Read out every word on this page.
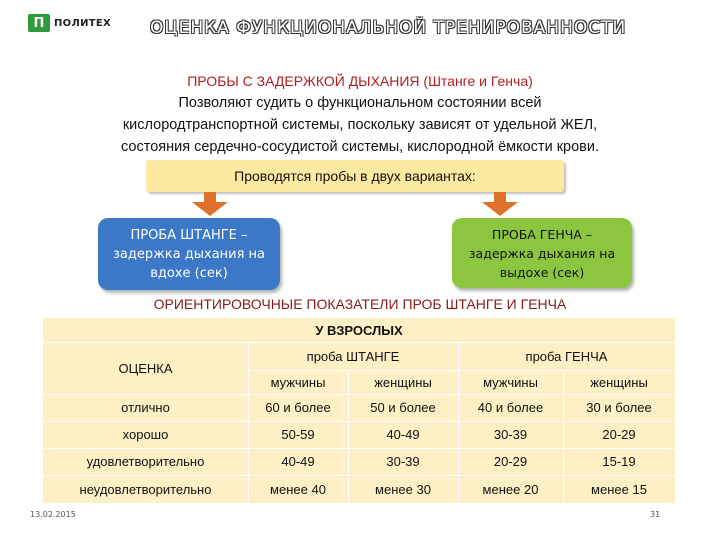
П ПОЛИТЕХ ОЦЕНКА ФУНКЦИОНАЛЬНОЙ ТРЕНИРОВАННОСТИ
ПРОБЫ С ЗАДЕРЖКОЙ ДЫХАНИЯ (Штанге и Генча)
Позволяют судить о функциональном состоянии всей
кислородтранспортной системы, поскольку зависят от удельной ЖЕЛ,
состояния сердечно-сосудистой системы, кислородной ёмкости крови.
Проводятся пробы в двух вариантах:
ПРОБА ШТАНГЕ – задержка дыхания на вдохе (сек)
ПРОБА ГЕНЧА – задержка дыхания на выдохе (сек)
ОРИЕНТИРОВОЧНЫЕ ПОКАЗАТЕЛИ ПРОБ ШТАНГЕ И ГЕНЧА
У ВЗРОСЛЫХ
ОЦЕНКА
проба ШТАНГЕ	проба ГЕНЧА
мужчины	женщины	мужчины	женщины
отлично	60 и более	50 и более	40 и более	30 и более
хорошо	50-59	40-49	30-39	20-29
удовлетворительно	40-49	30-39	20-29	15-19
неудовлетворительно	менее 40	менее 30	менее 20	менее 15
13.02.2015	31
